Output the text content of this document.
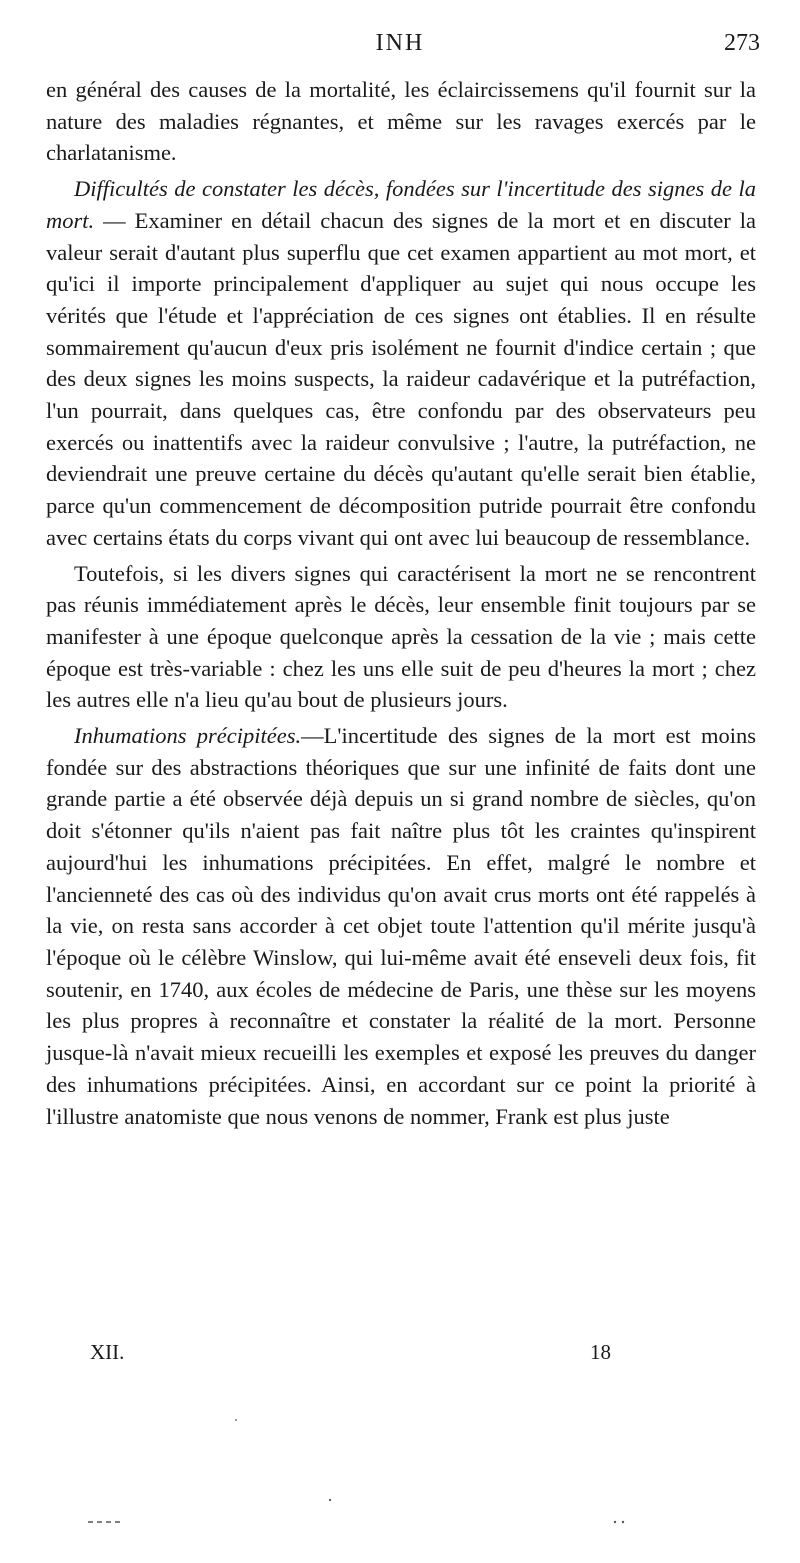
INH	273

en général des causes de la mortalité, les éclaircissemens qu'il fournit sur la nature des maladies régnantes, et même sur les ravages exercés par le charlatanisme.

Difficultés de constater les décès, fondées sur l'incertitude des signes de la mort. — Examiner en détail chacun des signes de la mort et en discuter la valeur serait d'autant plus superflu que cet examen appartient au mot mort, et qu'ici il importe principalement d'appliquer au sujet qui nous occupe les vérités que l'étude et l'appréciation de ces signes ont établies. Il en résulte sommairement qu'aucun d'eux pris isolément ne fournit d'indice certain ; que des deux signes les moins suspects, la raideur cadavérique et la putréfaction, l'un pourrait, dans quelques cas, être confondu par des observateurs peu exercés ou inattentifs avec la raideur convulsive ; l'autre, la putréfaction, ne deviendrait une preuve certaine du décès qu'autant qu'elle serait bien établie, parce qu'un commencement de décomposition putride pourrait être confondu avec certains états du corps vivant qui ont avec lui beaucoup de ressemblance.

Toutefois, si les divers signes qui caractérisent la mort ne se rencontrent pas réunis immédiatement après le décès, leur ensemble finit toujours par se manifester à une époque quelconque après la cessation de la vie ; mais cette époque est très-variable : chez les uns elle suit de peu d'heures la mort ; chez les autres elle n'a lieu qu'au bout de plusieurs jours.

Inhumations précipitées.—L'incertitude des signes de la mort est moins fondée sur des abstractions théoriques que sur une infinité de faits dont une grande partie a été observée déjà depuis un si grand nombre de siècles, qu'on doit s'étonner qu'ils n'aient pas fait naître plus tôt les craintes qu'inspirent aujourd'hui les inhumations précipitées. En effet, malgré le nombre et l'ancienneté des cas où des individus qu'on avait crus morts ont été rappelés à la vie, on resta sans accorder à cet objet toute l'attention qu'il mérite jusqu'à l'époque où le célèbre Winslow, qui lui-même avait été enseveli deux fois, fit soutenir, en 1740, aux écoles de médecine de Paris, une thèse sur les moyens les plus propres à reconnaître et constater la réalité de la mort. Personne jusque-là n'avait mieux recueilli les exemples et exposé les preuves du danger des inhumations précipitées. Ainsi, en accordant sur ce point la priorité à l'illustre anatomiste que nous venons de nommer, Frank est plus juste

XII.	18
